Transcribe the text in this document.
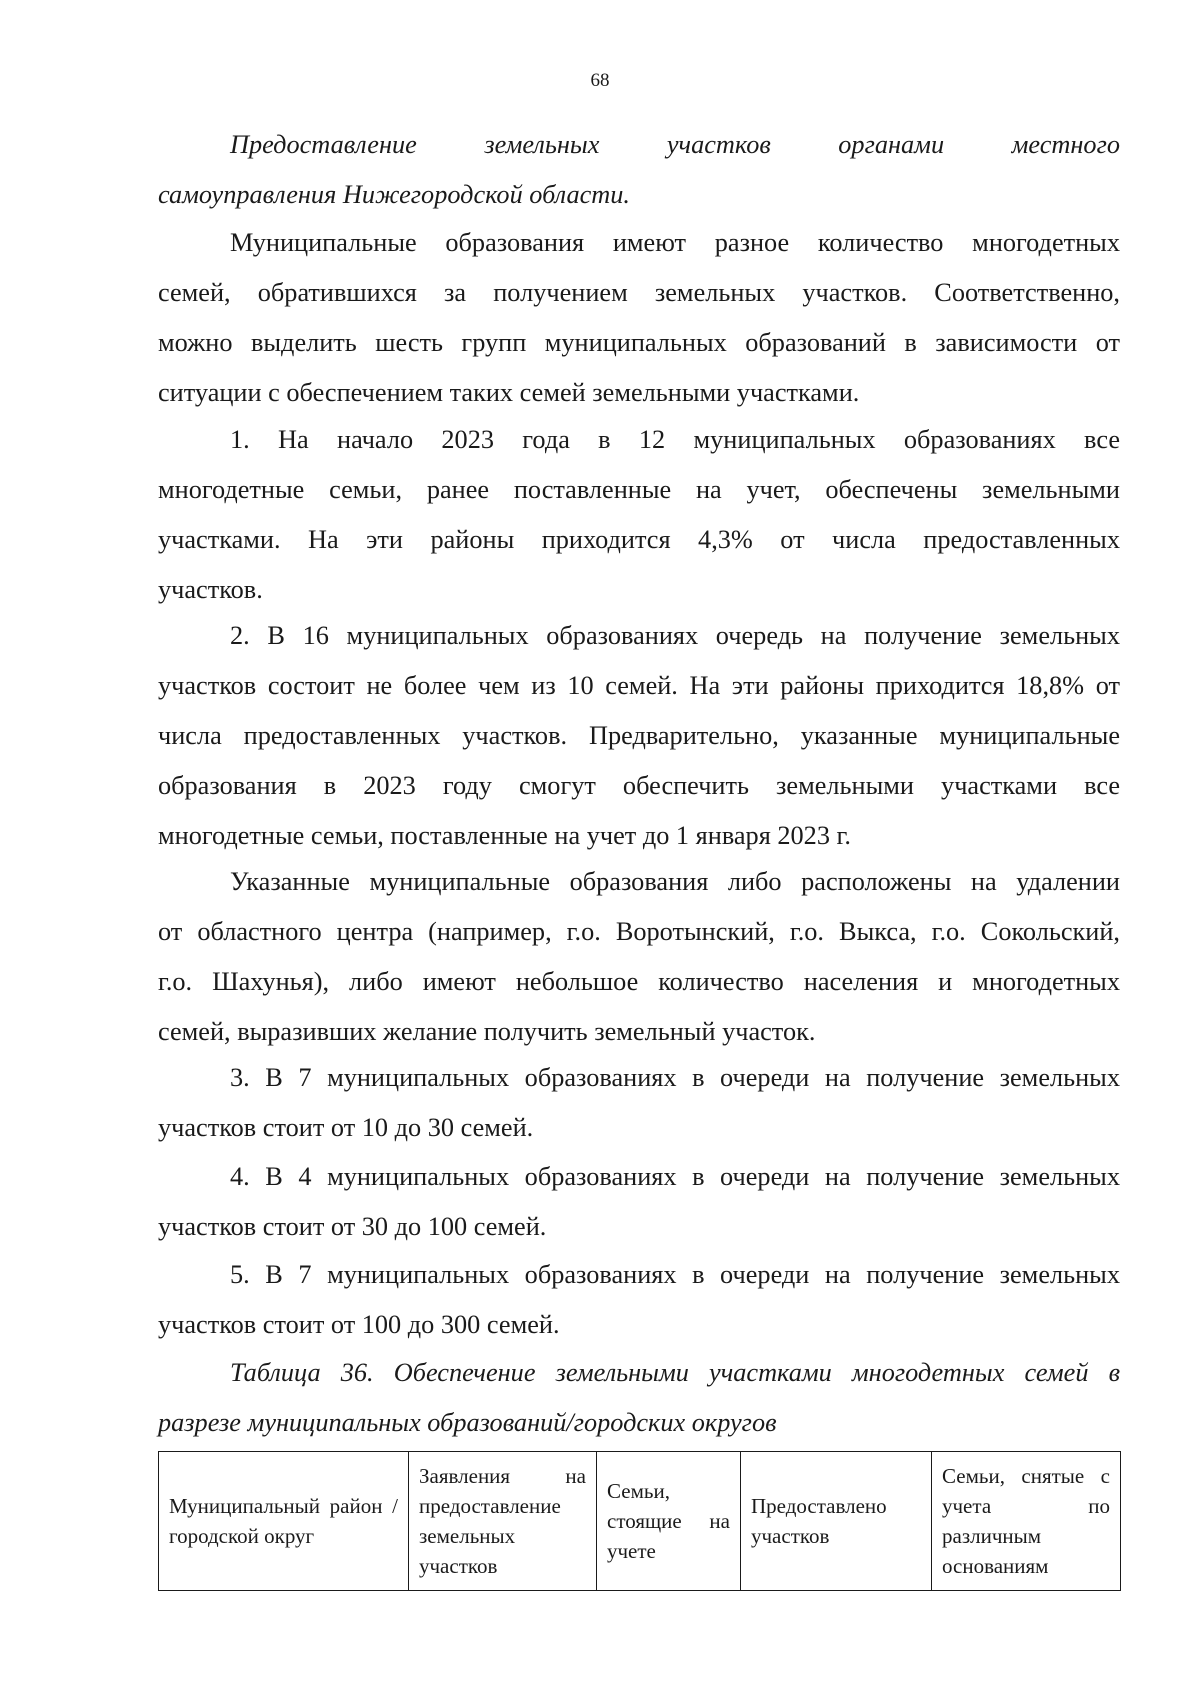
68
Предоставление земельных участков органами местного
самоуправления Нижегородской области.
Муниципальные образования имеют разное количество многодетных
семей, обратившихся за получением земельных участков. Соответственно,
можно выделить шесть групп муниципальных образований в зависимости от
ситуации с обеспечением таких семей земельными участками.
1. На начало 2023 года в 12 муниципальных образованиях все
многодетные семьи, ранее поставленные на учет, обеспечены земельными
участками. На эти районы приходится 4,3% от числа предоставленных
участков.
2. В 16 муниципальных образованиях очередь на получение земельных
участков состоит не более чем из 10 семей. На эти районы приходится 18,8% от
числа предоставленных участков. Предварительно, указанные муниципальные
образования в 2023 году смогут обеспечить земельными участками все
многодетные семьи, поставленные на учет до 1 января 2023 г.
Указанные муниципальные образования либо расположены на удалении
от областного центра (например, г.о. Воротынский, г.о. Выкса, г.о. Сокольский,
г.о. Шахунья), либо имеют небольшое количество населения и многодетных
семей, выразивших желание получить земельный участок.
3. В 7 муниципальных образованиях в очереди на получение земельных
участков стоит от 10 до 30 семей.
4. В 4 муниципальных образованиях в очереди на получение земельных
участков стоит от 30 до 100 семей.
5. В 7 муниципальных образованиях в очереди на получение земельных
участков стоит от 100 до 300 семей.
Таблица 36. Обеспечение земельными участками многодетных семей в
разрезе муниципальных образований/городских округов
Муниципальный район / городской округ	Заявления на предоставление земельных участков	Семьи, стоящие на учете	Предоставлено участков	Семьи, снятые с учета по различным основаниям
